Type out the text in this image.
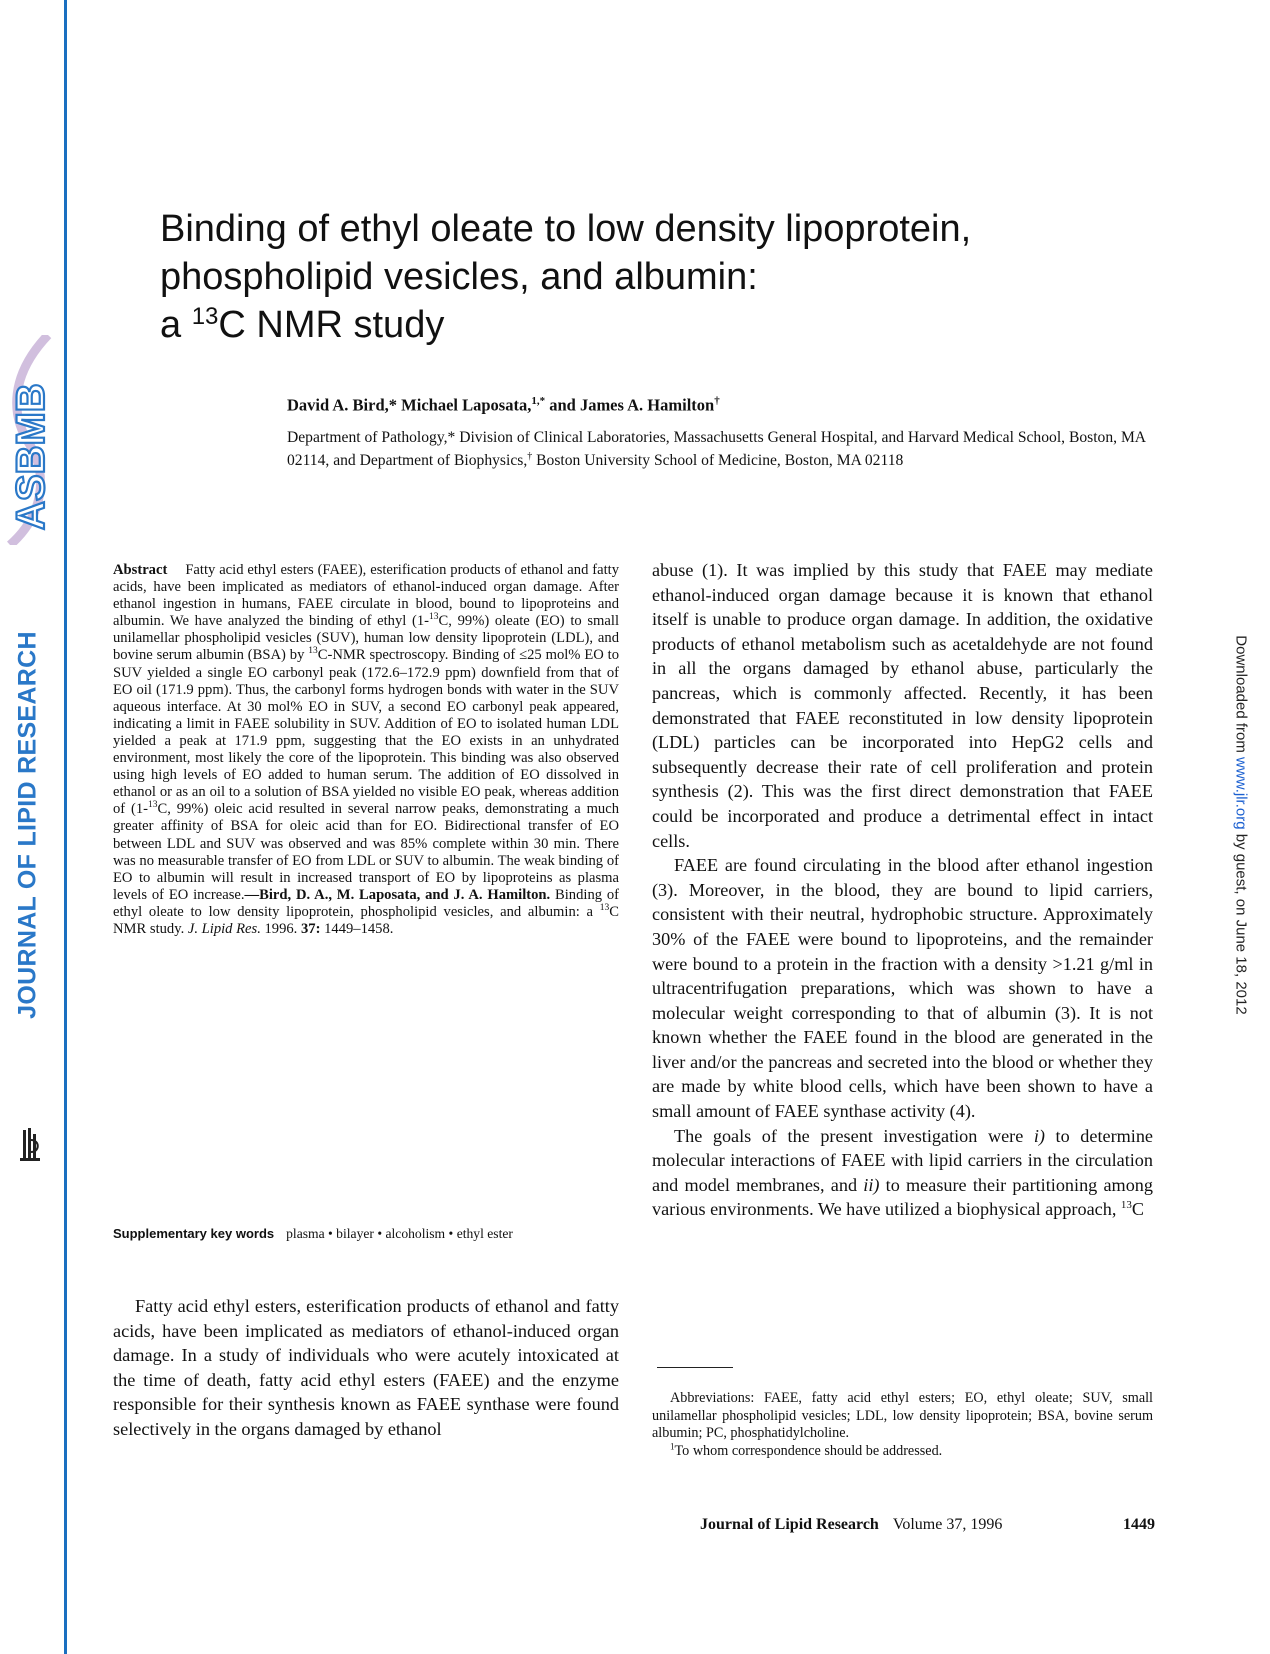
ASBMB
JOURNAL OF LIPID RESEARCH	Downloaded from www.jlr.org by guest, on June 18, 2012
Binding of ethyl oleate to low density lipoprotein,
phospholipid vesicles, and albumin:
a $^{13}$C NMR study
David A. Bird,* Michael Laposata,$^{1,*}$ and James A. Hamilton†
Department of Pathology,* Division of Clinical Laboratories, Massachusetts General Hospital, and Harvard Medical School, Boston, MA 02114, and Department of Biophysics,† Boston University School of Medicine, Boston, MA 02118

Abstract Fatty acid ethyl esters (FAEE), esterification products of ethanol and fatty acids, have been implicated as mediators of ethanol-induced organ damage. After ethanol ingestion in humans, FAEE circulate in blood, bound to lipoproteins and albumin. We have analyzed the binding of ethyl (1-$^{13}$C, 99%) oleate (EO) to small unilamellar phospholipid vesicles (SUV), human low density lipoprotein (LDL), and bovine serum albumin (BSA) by $^{13}$C-NMR spectroscopy. Binding of ≤25 mol% EO to SUV yielded a single EO carbonyl peak (172.6–172.9 ppm) downfield from that of EO oil (171.9 ppm). Thus, the carbonyl forms hydrogen bonds with water in the SUV aqueous interface. At 30 mol% EO in SUV, a second EO carbonyl peak appeared, indicating a limit in FAEE solubility in SUV. Addition of EO to isolated human LDL yielded a peak at 171.9 ppm, suggesting that the EO exists in an unhydrated environment, most likely the core of the lipoprotein. This binding was also observed using high levels of EO added to human serum. The addition of EO dissolved in ethanol or as an oil to a solution of BSA yielded no visible EO peak, whereas addition of (1-$^{13}$C, 99%) oleic acid resulted in several narrow peaks, demonstrating a much greater affinity of BSA for oleic acid than for EO. Bidirectional transfer of EO between LDL and SUV was observed and was 85% complete within 30 min. There was no measurable transfer of EO from LDL or SUV to albumin. The weak binding of EO to albumin will result in increased transport of EO by lipoproteins as plasma levels of EO increase.—Bird, D. A., M. Laposata, and J. A. Hamilton. Binding of ethyl oleate to low density lipoprotein, phospholipid vesicles, and albumin: a $^{13}$C NMR study. J. Lipid Res. 1996. 37: 1449–1458.

Supplementary key words plasma • bilayer • alcoholism • ethyl ester

Fatty acid ethyl esters, esterification products of ethanol and fatty acids, have been implicated as mediators of ethanol-induced organ damage. In a study of individuals who were acutely intoxicated at the time of death, fatty acid ethyl esters (FAEE) and the enzyme responsible for their synthesis known as FAEE synthase were found selectively in the organs damaged by ethanol

abuse (1). It was implied by this study that FAEE may mediate ethanol-induced organ damage because it is known that ethanol itself is unable to produce organ damage. In addition, the oxidative products of ethanol metabolism such as acetaldehyde are not found in all the organs damaged by ethanol abuse, particularly the pancreas, which is commonly affected. Recently, it has been demonstrated that FAEE reconstituted in low density lipoprotein (LDL) particles can be incorporated into HepG2 cells and subsequently decrease their rate of cell proliferation and protein synthesis (2). This was the first direct demonstration that FAEE could be incorporated and produce a detrimental effect in intact cells.

FAEE are found circulating in the blood after ethanol ingestion (3). Moreover, in the blood, they are bound to lipid carriers, consistent with their neutral, hydrophobic structure. Approximately 30% of the FAEE were bound to lipoproteins, and the remainder were bound to a protein in the fraction with a density >1.21 g/ml in ultracentrifugation preparations, which was shown to have a molecular weight corresponding to that of albumin (3). It is not known whether the FAEE found in the blood are generated in the liver and/or the pancreas and secreted into the blood or whether they are made by white blood cells, which have been shown to have a small amount of FAEE synthase activity (4).

The goals of the present investigation were i) to determine molecular interactions of FAEE with lipid carriers in the circulation and model membranes, and ii) to measure their partitioning among various environments. We have utilized a biophysical approach, $^{13}$C

Abbreviations: FAEE, fatty acid ethyl esters; EO, ethyl oleate; SUV, small unilamellar phospholipid vesicles; LDL, low density lipoprotein; BSA, bovine serum albumin; PC, phosphatidylcholine.

$^1$To whom correspondence should be addressed.

Journal of Lipid Research Volume 37, 1996	1449
